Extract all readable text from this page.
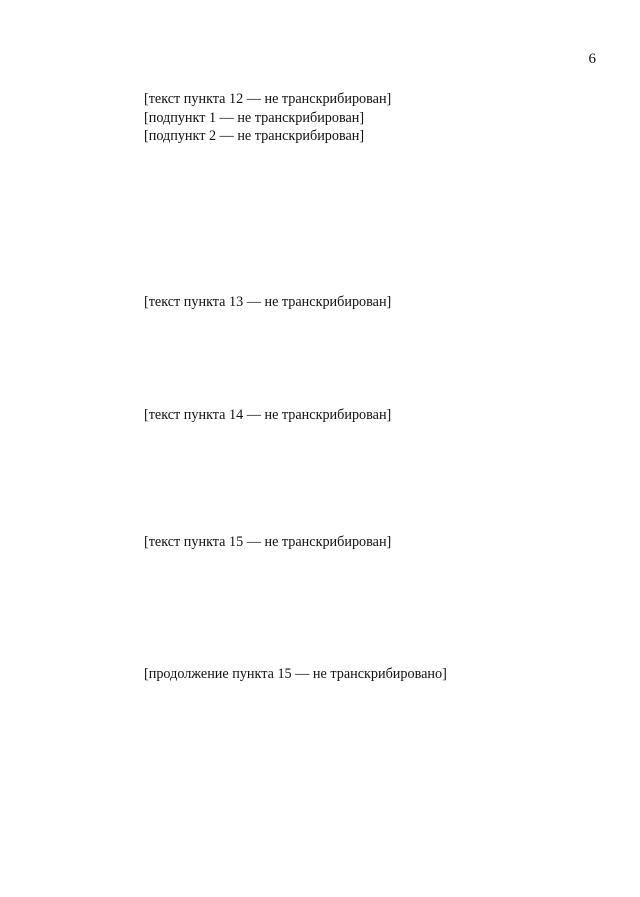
6

[текст пункта 12 — не транскрибирован]

[подпункт 1 — не транскрибирован]

[подпункт 2 — не транскрибирован]

[текст пункта 13 — не транскрибирован]

[текст пункта 14 — не транскрибирован]

[текст пункта 15 — не транскрибирован]

[продолжение пункта 15 — не транскрибировано]
